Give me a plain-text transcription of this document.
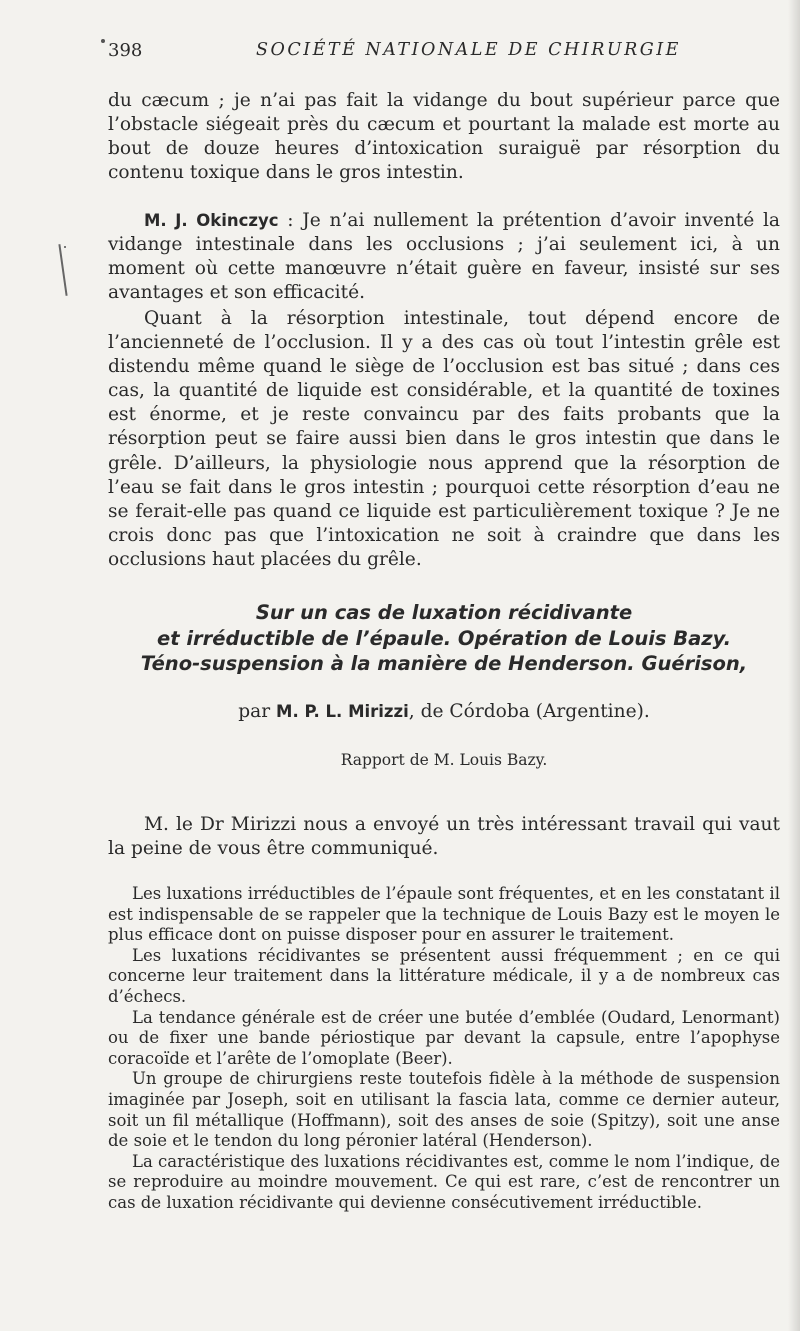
398	SOCIÉTÉ NATIONALE DE CHIRURGIE

du cæcum ; je n’ai pas fait la vidange du bout supérieur parce que l’obstacle siégeait près du cæcum et pourtant la malade est morte au bout de douze heures d’intoxication suraiguë par résorption du contenu toxique dans le gros intestin.

M. J. Okinczyc : Je n’ai nullement la prétention d’avoir inventé la vidange intestinale dans les occlusions ; j’ai seulement ici, à un moment où cette manœuvre n’était guère en faveur, insisté sur ses avantages et son efficacité.

Quant à la résorption intestinale, tout dépend encore de l’ancienneté de l’occlusion. Il y a des cas où tout l’intestin grêle est distendu même quand le siège de l’occlusion est bas situé ; dans ces cas, la quantité de liquide est considérable, et la quantité de toxines est énorme, et je reste convaincu par des faits probants que la résorption peut se faire aussi bien dans le gros intestin que dans le grêle. D’ailleurs, la physiologie nous apprend que la résorption de l’eau se fait dans le gros intestin ; pourquoi cette résorption d’eau ne se ferait-elle pas quand ce liquide est particulièrement toxique ? Je ne crois donc pas que l’intoxication ne soit à craindre que dans les occlusions haut placées du grêle.

Sur un cas de luxation récidivante
et irréductible de l’épaule. Opération de Louis Bazy.
Téno-suspension à la manière de Henderson. Guérison,
par M. P. L. Mirizzi, de Córdoba (Argentine).
Rapport de M. Louis Bazy.

M. le Dr Mirizzi nous a envoyé un très intéressant travail qui vaut la peine de vous être communiqué.

Les luxations irréductibles de l’épaule sont fréquentes, et en les constatant il est indispensable de se rappeler que la technique de Louis Bazy est le moyen le plus efficace dont on puisse disposer pour en assurer le traitement.

Les luxations récidivantes se présentent aussi fréquemment ; en ce qui concerne leur traitement dans la littérature médicale, il y a de nombreux cas d’échecs.

La tendance générale est de créer une butée d’emblée (Oudard, Lenormant) ou de fixer une bande périostique par devant la capsule, entre l’apophyse coracoïde et l’arête de l’omoplate (Beer).

Un groupe de chirurgiens reste toutefois fidèle à la méthode de suspension imaginée par Joseph, soit en utilisant la fascia lata, comme ce dernier auteur, soit un fil métallique (Hoffmann), soit des anses de soie (Spitzy), soit une anse de soie et le tendon du long péronier latéral (Henderson).

La caractéristique des luxations récidivantes est, comme le nom l’indique, de se reproduire au moindre mouvement. Ce qui est rare, c’est de rencontrer un cas de luxation récidivante qui devienne consécutivement irréductible.
